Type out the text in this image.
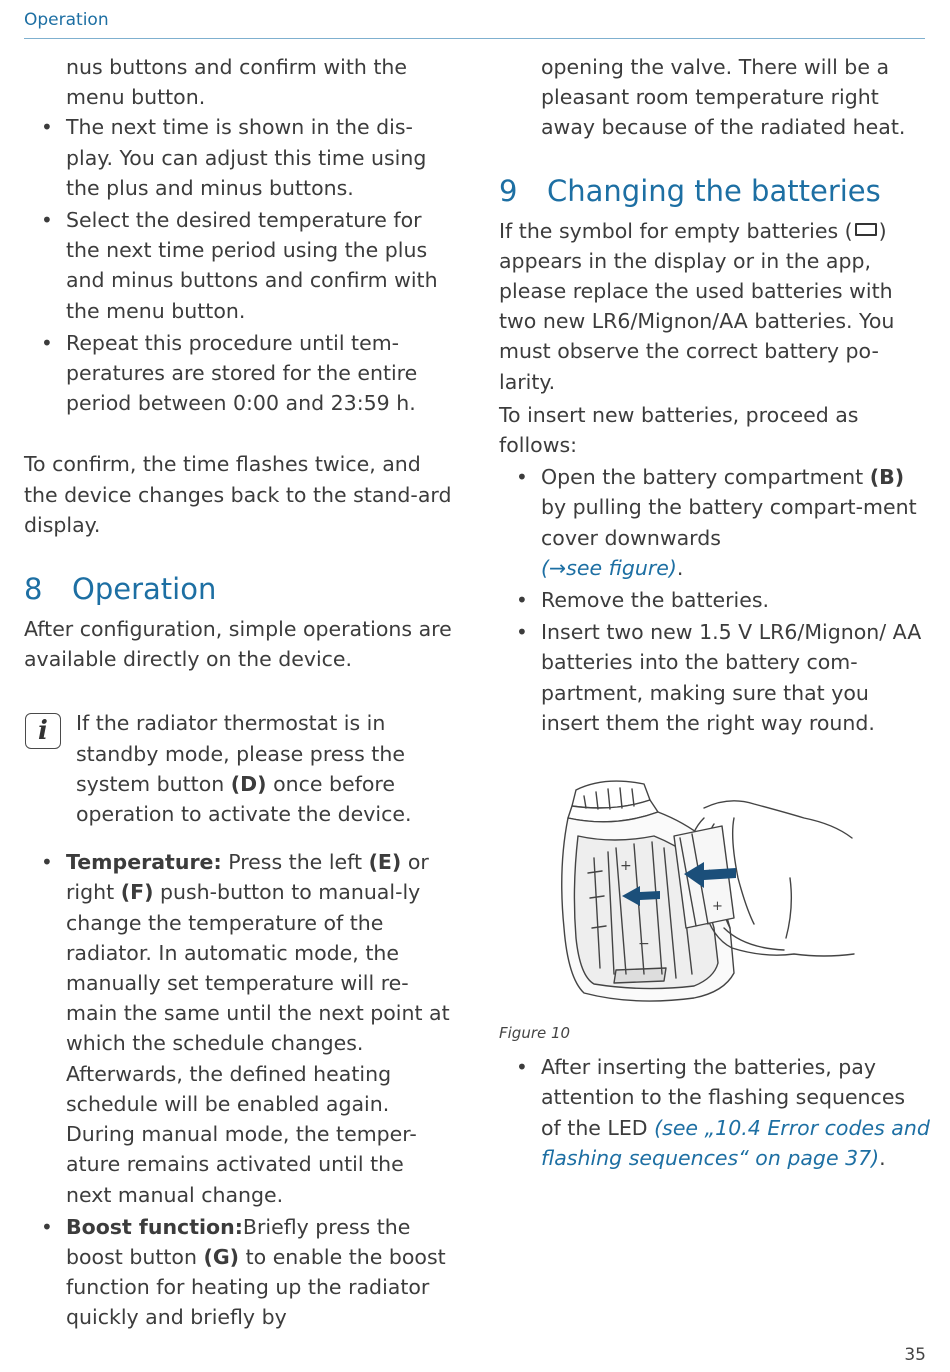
Operation

nus buttons and confirm with the menu button.

• The next time is shown in the dis-play. You can adjust this time using the plus and minus buttons.
• Select the desired temperature for the next time period using the plus and minus buttons and confirm with the menu button.
• Repeat this procedure until tem-peratures are stored for the entire period between 0:00 and 23:59 h.

To confirm, the time flashes twice, and the device changes back to the stand-ard display.

8 Operation

After configuration, simple operations are available directly on the device.

i	If the radiator thermostat is in standby mode, please press the system button (D) once before operation to activate the device.
• Temperature: Press the left (E) or right (F) push-button to manual-ly change the temperature of the radiator. In automatic mode, the manually set temperature will re-main the same until the next point at which the schedule changes. Afterwards, the defined heating schedule will be enabled again. During manual mode, the temper-ature remains activated until the next manual change.
• Boost function:Briefly press the boost button (G) to enable the boost function for heating up the radiator quickly and briefly by

opening the valve. There will be a pleasant room temperature right away because of the radiated heat.

9 Changing the batteries

If the symbol for empty batteries ( ) appears in the display or in the app, please replace the used batteries with two new LR6/Mignon/AA batteries. You must observe the correct battery po-larity.

To insert new batteries, proceed as follows:

• Open the battery compartment (B) by pulling the battery compart-ment cover downwards
(→see figure).
• Remove the batteries.
• Insert two new 1.5 V LR6/Mignon/ AA batteries into the battery com-partment, making sure that you insert them the right way round.
+
−
+

Figure 10

• After inserting the batteries, pay attention to the flashing sequences of the LED (see „10.4 Error codes and flashing sequences“ on page 37).
35
